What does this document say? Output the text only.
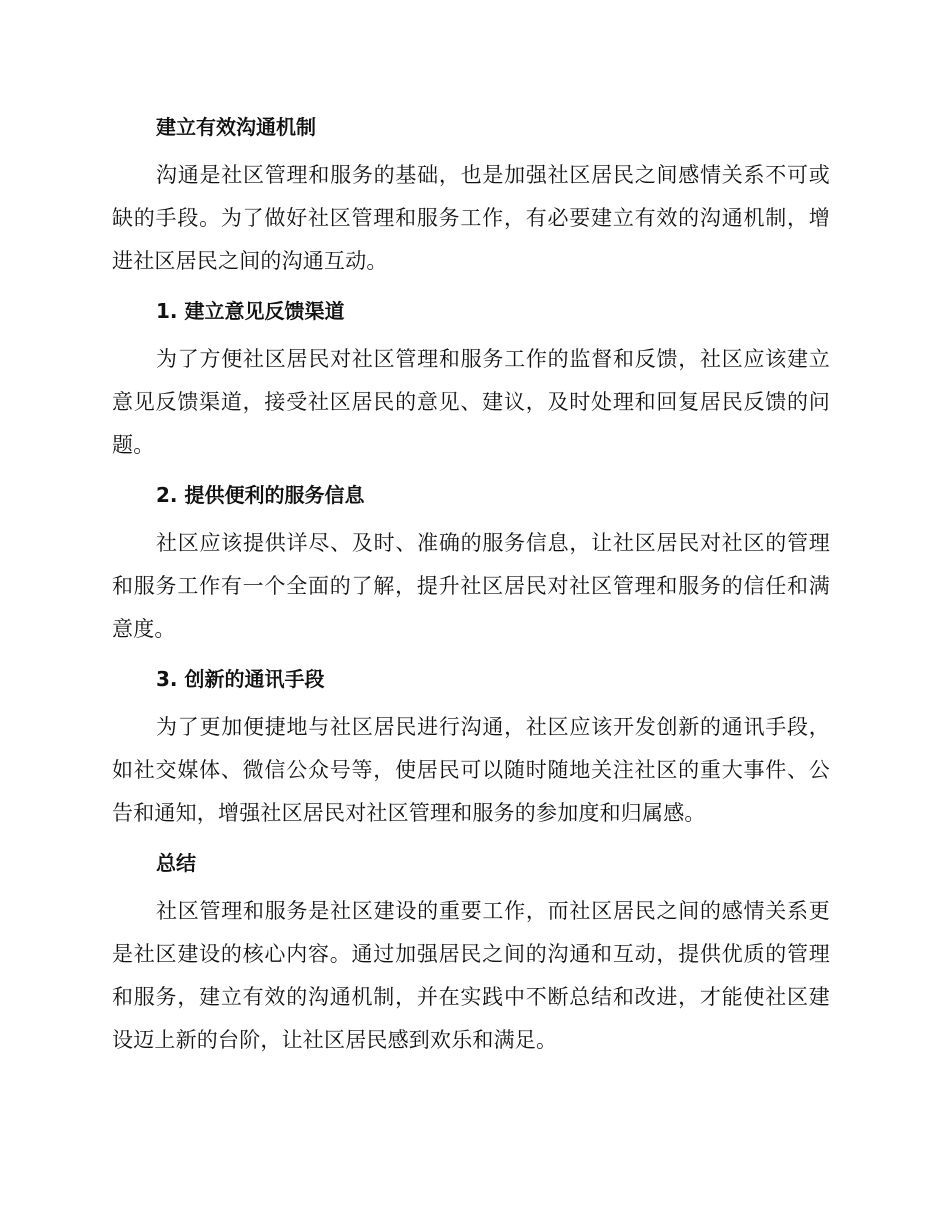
建立有效沟通机制
沟通是社区管理和服务的基础，也是加强社区居民之间感情关系不可或
缺的手段。为了做好社区管理和服务工作，有必要建立有效的沟通机制，增
进社区居民之间的沟通互动。
1. 建立意见反馈渠道
为了方便社区居民对社区管理和服务工作的监督和反馈，社区应该建立
意见反馈渠道，接受社区居民的意见、建议，及时处理和回复居民反馈的问
题。
2. 提供便利的服务信息
社区应该提供详尽、及时、准确的服务信息，让社区居民对社区的管理
和服务工作有一个全面的了解，提升社区居民对社区管理和服务的信任和满
意度。
3. 创新的通讯手段
为了更加便捷地与社区居民进行沟通，社区应该开发创新的通讯手段，
如社交媒体、微信公众号等，使居民可以随时随地关注社区的重大事件、公
告和通知，增强社区居民对社区管理和服务的参加度和归属感。
总结
社区管理和服务是社区建设的重要工作，而社区居民之间的感情关系更
是社区建设的核心内容。通过加强居民之间的沟通和互动，提供优质的管理
和服务，建立有效的沟通机制，并在实践中不断总结和改进，才能使社区建
设迈上新的台阶，让社区居民感到欢乐和满足。
